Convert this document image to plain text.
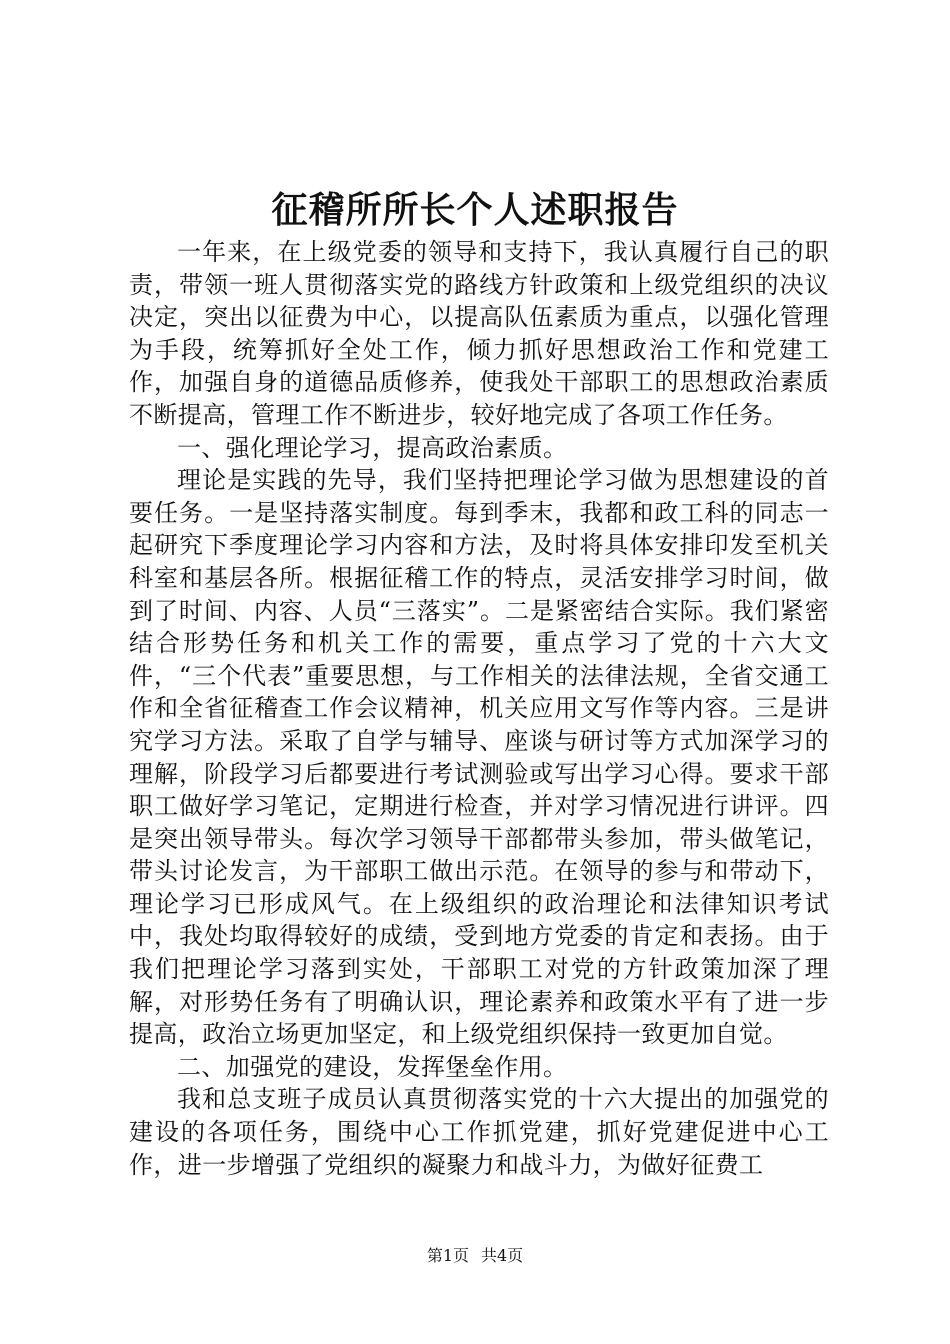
征稽所所长个人述职报告

一年来，在上级党委的领导和支持下，我认真履行自己的职责，带领一班人贯彻落实党的路线方针政策和上级党组织的决议决定，突出以征费为中心，以提高队伍素质为重点，以强化管理为手段，统筹抓好全处工作，倾力抓好思想政治工作和党建工作，加强自身的道德品质修养，使我处干部职工的思想政治素质不断提高，管理工作不断进步，较好地完成了各项工作任务。

一、强化理论学习，提高政治素质。

理论是实践的先导，我们坚持把理论学习做为思想建设的首要任务。一是坚持落实制度。每到季末，我都和政工科的同志一起研究下季度理论学习内容和方法，及时将具体安排印发至机关科室和基层各所。根据征稽工作的特点，灵活安排学习时间，做到了时间、内容、人员“三落实”。二是紧密结合实际。我们紧密结合形势任务和机关工作的需要，重点学习了党的十六大文件，“三个代表”重要思想，与工作相关的法律法规，全省交通工作和全省征稽查工作会议精神，机关应用文写作等内容。三是讲究学习方法。采取了自学与辅导、座谈与研讨等方式加深学习的理解，阶段学习后都要进行考试测验或写出学习心得。要求干部职工做好学习笔记，定期进行检查，并对学习情况进行讲评。四是突出领导带头。每次学习领导干部都带头参加，带头做笔记，带头讨论发言，为干部职工做出示范。在领导的参与和带动下，理论学习已形成风气。在上级组织的政治理论和法律知识考试中，我处均取得较好的成绩，受到地方党委的肯定和表扬。由于我们把理论学习落到实处，干部职工对党的方针政策加深了理解，对形势任务有了明确认识，理论素养和政策水平有了进一步提高，政治立场更加坚定，和上级党组织保持一致更加自觉。

二、加强党的建设，发挥堡垒作用。

我和总支班子成员认真贯彻落实党的十六大提出的加强党的建设的各项任务，围绕中心工作抓党建，抓好党建促进中心工作，进一步增强了党组织的凝聚力和战斗力，为做好征费工

第1页 共4页
